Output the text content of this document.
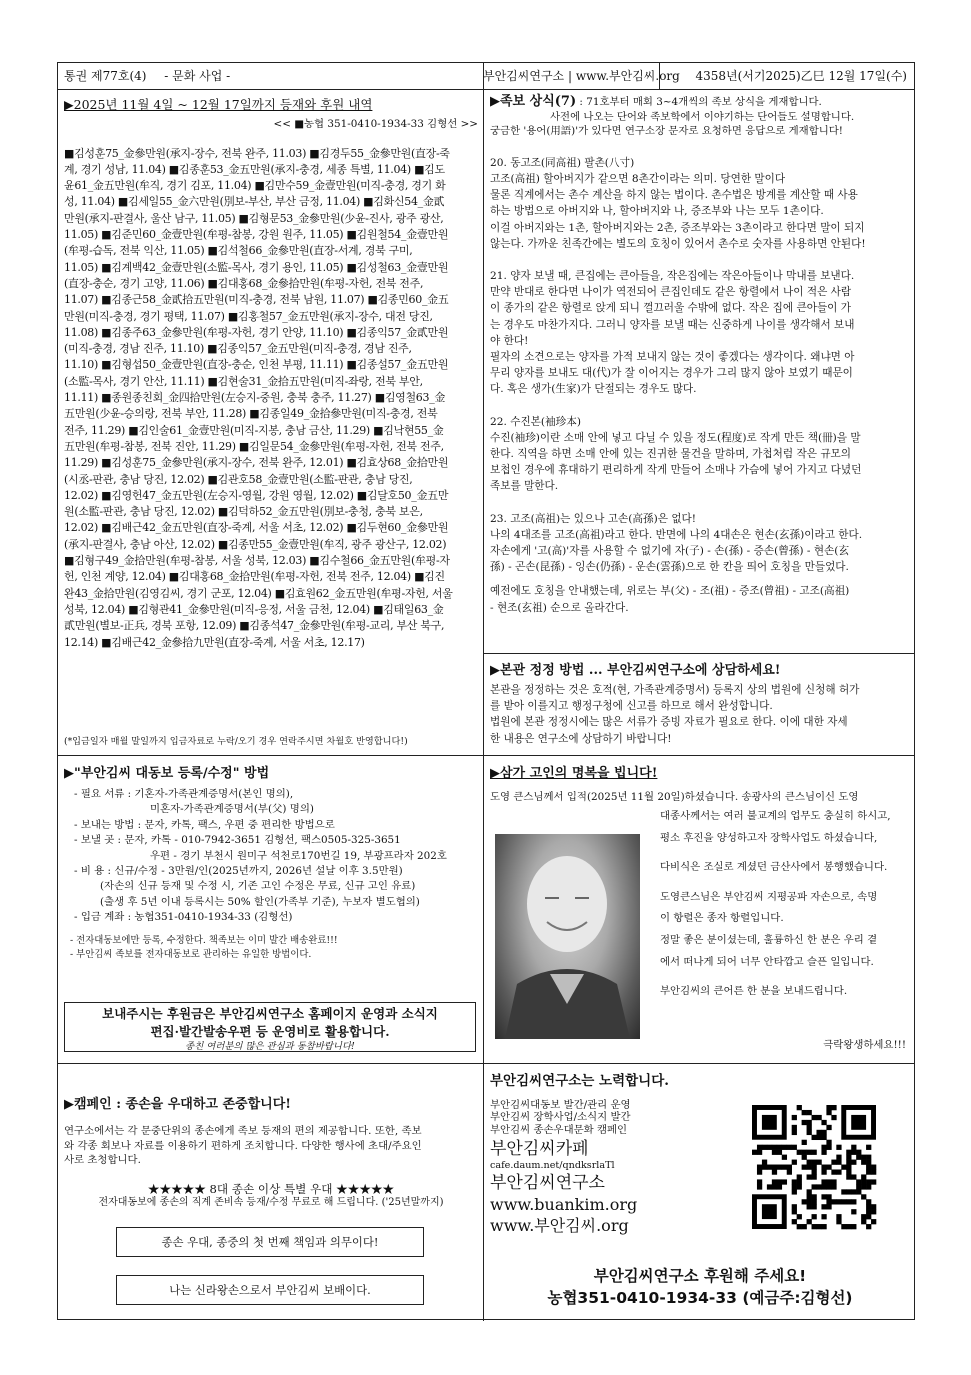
통권 제77호(4) - 문화 사업 -	부안김씨연구소 | www.부안김씨.org	4358년(서기2025)乙巳 12월 17일(수)
▶2025년 11월 4일 ~ 12월 17일까지 등재와 후원 내역
<< ■농협 351-0410-1934-33 김형선 >>
■김성훈75_金參만원(承지-장수, 전북 완주, 11.03) ■김경두55_金參만원(直장-죽
계, 경기 성남, 11.04) ■김종훈53_金五만원(承지-충경, 세종 특별, 11.04) ■김도
윤61_金五만원(牟직, 경기 김포, 11.04) ■김만수59_金壹만원(미직-충경, 경기 화
성, 11.04) ■김세일55_金六만원(別보-부산, 부산 금정, 11.04) ■김화신54_金貳
만원(承지-판결사, 울산 남구, 11.05) ■김형문53_金參만원(少윤-진사, 광주 광산,
11.05) ■김준민60_金壹만원(牟평-참봉, 강원 원주, 11.05) ■김원철54_金壹만원
(牟평-습독, 전북 익산, 11.05) ■김석철66_金參만원(直장-서계, 경북 구미,
11.05) ■김계백42_金壹만원(소監-목사, 경기 용인, 11.05) ■김성철63_金壹만원
(直장-충순, 경기 고양, 11.06) ■김대홍68_金參拾만원(牟평-자헌, 전북 전주,
11.07) ■김종근58_金貳拾五만원(미직-충경, 전북 남원, 11.07) ■김종민60_金五
만원(미직-충경, 경기 평택, 11.07) ■김홍철57_金五만원(承지-장수, 대전 당진,
11.08) ■김종주63_金參만원(牟평-자헌, 경기 안양, 11.10) ■김종익57_金貳만원
(미직-충경, 경남 진주, 11.10) ■김종익57_金五만원(미직-충경, 경남 진주,
11.10) ■김형섭50_金壹만원(直장-충순, 인천 부평, 11.11) ■김종설57_金五만원
(소監-목사, 경기 안산, 11.11) ■김현술31_金拾五만원(미직-좌랑, 전북 부안,
11.11) ■종원종친회_金四拾만원(左승지-중원, 충북 충주, 11.27) ■김영철63_金
五만원(少윤-승의랑, 전북 부안, 11.28) ■김종일49_金拾參만원(미직-충경, 전북
전주, 11.29) ■김인술61_金壹만원(미직-지봉, 충남 금산, 11.29) ■김낙현55_金
五만원(牟평-참봉, 전북 진안, 11.29) ■김일문54_金參만원(牟평-자헌, 전북 전주,
11.29) ■김성훈75_金參만원(承지-장수, 전북 완주, 12.01) ■김효상68_金拾만원
(시丞-판관, 충남 당진, 12.02) ■김관호58_金壹만원(소監-판관, 충남 당진,
12.02) ■김영헌47_金五만원(左승지-영월, 강원 영월, 12.02) ■김달호50_金五만
원(소監-판관, 충남 당진, 12.02) ■김덕하52_金五만원(別보-충청, 충북 보은,
12.02) ■김배근42_金五만원(直장-죽계, 서울 서초, 12.02) ■김두현60_金參만원
(承지-판결사, 충남 아산, 12.02) ■김종만55_金壹만원(牟직, 광주 광산구, 12.02)
■김형구49_金拾만원(牟평-참봉, 서울 성북, 12.03) ■김수철66_金五만원(牟평-자
헌, 인천 계양, 12.04) ■김대홍68_金拾만원(牟평-자헌, 전북 전주, 12.04) ■김진
완43_金拾만원(김영김씨, 경기 군포, 12.04) ■김효원62_金五만원(牟평-자헌, 서울
성북, 12.04) ■김형관41_金參만원(미직-응정, 서울 금천, 12.04) ■김태일63_金
貳만원(별보-正兵, 경북 포항, 12.09) ■김종석47_金參만원(牟평-교리, 부산 북구,
12.14) ■김배근42_金參拾九만원(直장-죽계, 서울 서초, 12.17)
(*입금일자 매월 말일까지 입금자료로 누락/오기 경우 연락주시면 차월호 반영합니다!)
▶족보 상식(7) : 71호부터 매회 3~4개씩의 족보 상식을 게재합니다.
사전에 나오는 단어와 족보학에서 이야기하는 단어들도 설명합니다.
궁금한 '용어(用語)'가 있다면 연구소장 문자로 요청하면 응답으로 게재합니다!
20. 동고조(同高祖) 팔촌(八寸)
고조(高祖) 할아버지가 같으면 8촌간이라는 의미. 당연한 말이다
물론 직계에서는 촌수 계산을 하지 않는 법이다. 촌수법은 방계를 계산할 때 사용
하는 방법으로 아버지와 나, 할아버지와 나, 증조부와 나는 모두 1촌이다.
이걸 아버지와는 1촌, 할아버지와는 2촌, 증조부와는 3촌이라고 한다면 말이 되지
않는다. 가까운 친족간에는 별도의 호칭이 있어서 촌수로 숫자를 사용하면 안된다!
21. 양자 보낼 때, 큰집에는 큰아들을, 작은집에는 작은아들이나 막내를 보낸다.
만약 반대로 한다면 나이가 역전되어 큰집인데도 같은 항렬에서 나이 적은 사람
이 종가의 같은 항렬로 앉게 되니 껄끄러울 수밖에 없다. 작은 집에 큰아들이 가
는 경우도 마찬가지다. 그러니 양자를 보낼 때는 신중하게 나이를 생각해서 보내
야 한다!
필자의 소견으로는 양자를 가적 보내지 않는 것이 좋겠다는 생각이다. 왜냐면 아
무리 양자를 보내도 대(代)가 잘 이어지는 경우가 그리 많지 않아 보였기 때문이
다. 혹은 생가(生家)가 단절되는 경우도 많다.
22. 수진본(袖珍本)
수진(袖珍)이란 소매 안에 넣고 다닐 수 있을 정도(程度)로 작게 만든 책(冊)을 말
한다. 직역을 하면 소매 안에 있는 진귀한 물건을 말하며, 가첩처럼 작은 규모의
보첩인 경우에 휴대하기 편리하게 작게 만들어 소매나 가슴에 넣어 가지고 다녔던
족보를 말한다.
23. 고조(高祖)는 있으나 고손(高孫)은 없다!
나의 4대조를 고조(高祖)라고 한다. 반면에 나의 4대손은 현손(玄孫)이라고 한다.
자손에게 '고(高)'자를 사용할 수 없기에 자(子) - 손(孫) - 증손(曾孫) - 현손(玄
孫) - 곤손(昆孫) - 잉손(仍孫) - 운손(雲孫)으로 한 칸을 띄어 호칭을 만들었다.
예전에도 호칭을 안내했는데, 위로는 부(父) - 조(祖) - 증조(曾祖) - 고조(高祖)
- 현조(玄祖) 순으로 올라간다.
▶본관 정정 방법 ... 부안김씨연구소에 상담하세요!
본관을 정정하는 것은 호적(현, 가족관계증명서) 등록지 상의 법원에 신청해 허가
를 받아 이를지고 행정구청에 신고를 하므로 해서 완성합니다.
법원에 본관 정정시에는 많은 서류가 증빙 자료가 필요로 한다. 이에 대한 자세
한 내용은 연구소에 상담하기 바랍니다!
▶"부안김씨 대동보 등록/수정" 방법
- 필요 서류 : 기혼자-가족관계증명서(본인 명의),
미혼자-가족관계증명서(부(父) 명의)
- 보내는 방법 : 문자, 카톡, 팩스, 우편 중 편리한 방법으로
- 보낼 곳 : 문자, 카톡 - 010-7942-3651 김형선, 팩스0505-325-3651
우편 - 경기 부천시 원미구 석천로170번길 19, 부광프라자 202호
- 비 용 : 신규/수정 - 3만원/인(2025년까지, 2026년 설날 이후 3.5만원)
(자손의 신규 등재 및 수정 시, 기존 고인 수정은 무료, 신규 고인 유료)
(출생 후 5년 이내 등록시는 50% 할인(가족부 기준), 누보자 별도협의)
- 입금 계좌 : 농협351-0410-1934-33 (김형선)
- 전자대동보에만 등록, 수정한다. 책족보는 이미 발간 배송완료!!!
- 부안김씨 족보를 전자대동보로 관리하는 유일한 방법이다.
보내주시는 후원금은 부안김씨연구소 홈페이지 운영과 소식지
편집·발간발송우편 등 운영비로 활용합니다.
종친 여러분의 많은 관심과 동참바랍니다!
▶삼가 고인의 명복을 빕니다!
도영 큰스님께서 입적(2025년 11월 20일)하셨습니다. 송광사의 큰스님이신 도영
대종사께서는 여러 불교계의 업무도 충실히 하시고,
평소 후진을 양성하고자 장학사업도 하셨습니다,
다비식은 조실로 계셨던 금산사에서 봉행했습니다.
도영큰스님은 부안김씨 지평공파 자손으로, 속명
이 항렬은 종자 항렬입니다.
정말 좋은 분이셨는데, 훌륭하신 한 분은 우리 곁
에서 떠나게 되어 너무 안타깝고 슬픈 일입니다.
부안김씨의 큰어른 한 분을 보내드립니다.
극락왕생하세요!!!
▶캠페인 : 종손을 우대하고 존중합니다!
연구소에서는 각 문중단위의 종손에게 족보 등재의 편의 제공합니다. 또한, 족보
와 각종 회보나 자료를 이용하기 편하게 조치합니다. 다양한 행사에 초대/주요인
사로 초청합니다.
★★★★★ 8대 종손 이상 특별 우대 ★★★★★
전자대동보에 종손의 직계 존비속 등재/수정 무료로 해 드립니다. ('25년말까지)
종손 우대, 종중의 첫 번째 책임과 의무이다!
나는 신라왕손으로서 부안김씨 보배이다.
부안김씨연구소는 노력합니다.
부안김씨대동보 발간/관리 운영
부안김씨 장학사업/소식지 발간
부안김씨 종손우대문화 캠페인
부안김씨카페
cafe.daum.net/qndksrlaTl
부안김씨연구소
www.buankim.org
www.부안김씨.org
부안김씨연구소 후원해 주세요!
농협351-0410-1934-33 (예금주:김형선)
